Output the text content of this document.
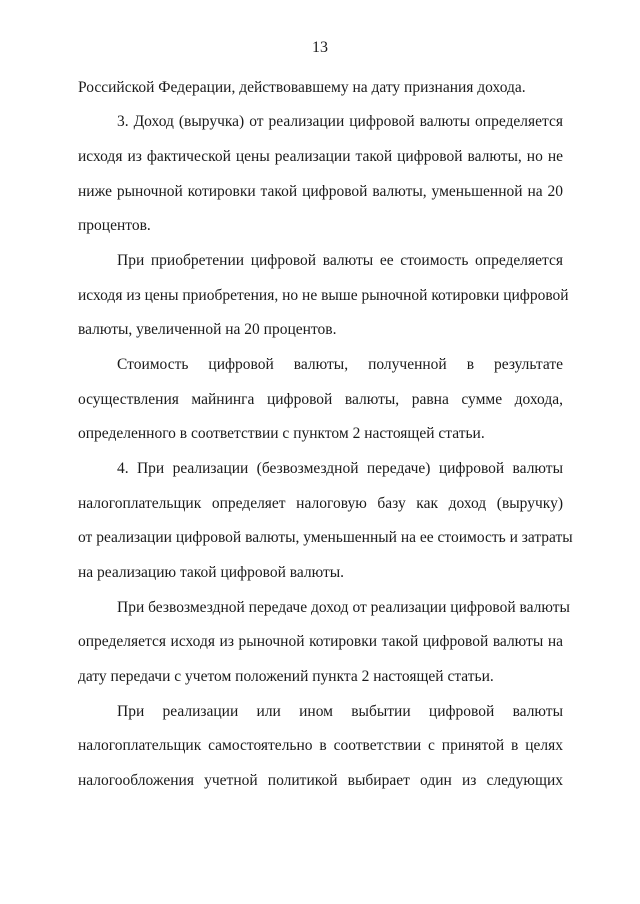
13
Российской Федерации, действовавшему на дату признания дохода.
3. Доход (выручка) от реализации цифровой валюты определяется
исходя из фактической цены реализации такой цифровой валюты, но не
ниже рыночной котировки такой цифровой валюты, уменьшенной на 20
процентов.
При приобретении цифровой валюты ее стоимость определяется
исходя из цены приобретения, но не выше рыночной котировки цифровой
валюты, увеличенной на 20 процентов.
Стоимость цифровой валюты, полученной в результате
осуществления майнинга цифровой валюты, равна сумме дохода,
определенного в соответствии с пунктом 2 настоящей статьи.
4. При реализации (безвозмездной передаче) цифровой валюты
налогоплательщик определяет налоговую базу как доход (выручку)
от реализации цифровой валюты, уменьшенный на ее стоимость и затраты
на реализацию такой цифровой валюты.
При безвозмездной передаче доход от реализации цифровой валюты
определяется исходя из рыночной котировки такой цифровой валюты на
дату передачи с учетом положений пункта 2 настоящей статьи.
При реализации или ином выбытии цифровой валюты
налогоплательщик самостоятельно в соответствии с принятой в целях
налогообложения учетной политикой выбирает один из следующих
